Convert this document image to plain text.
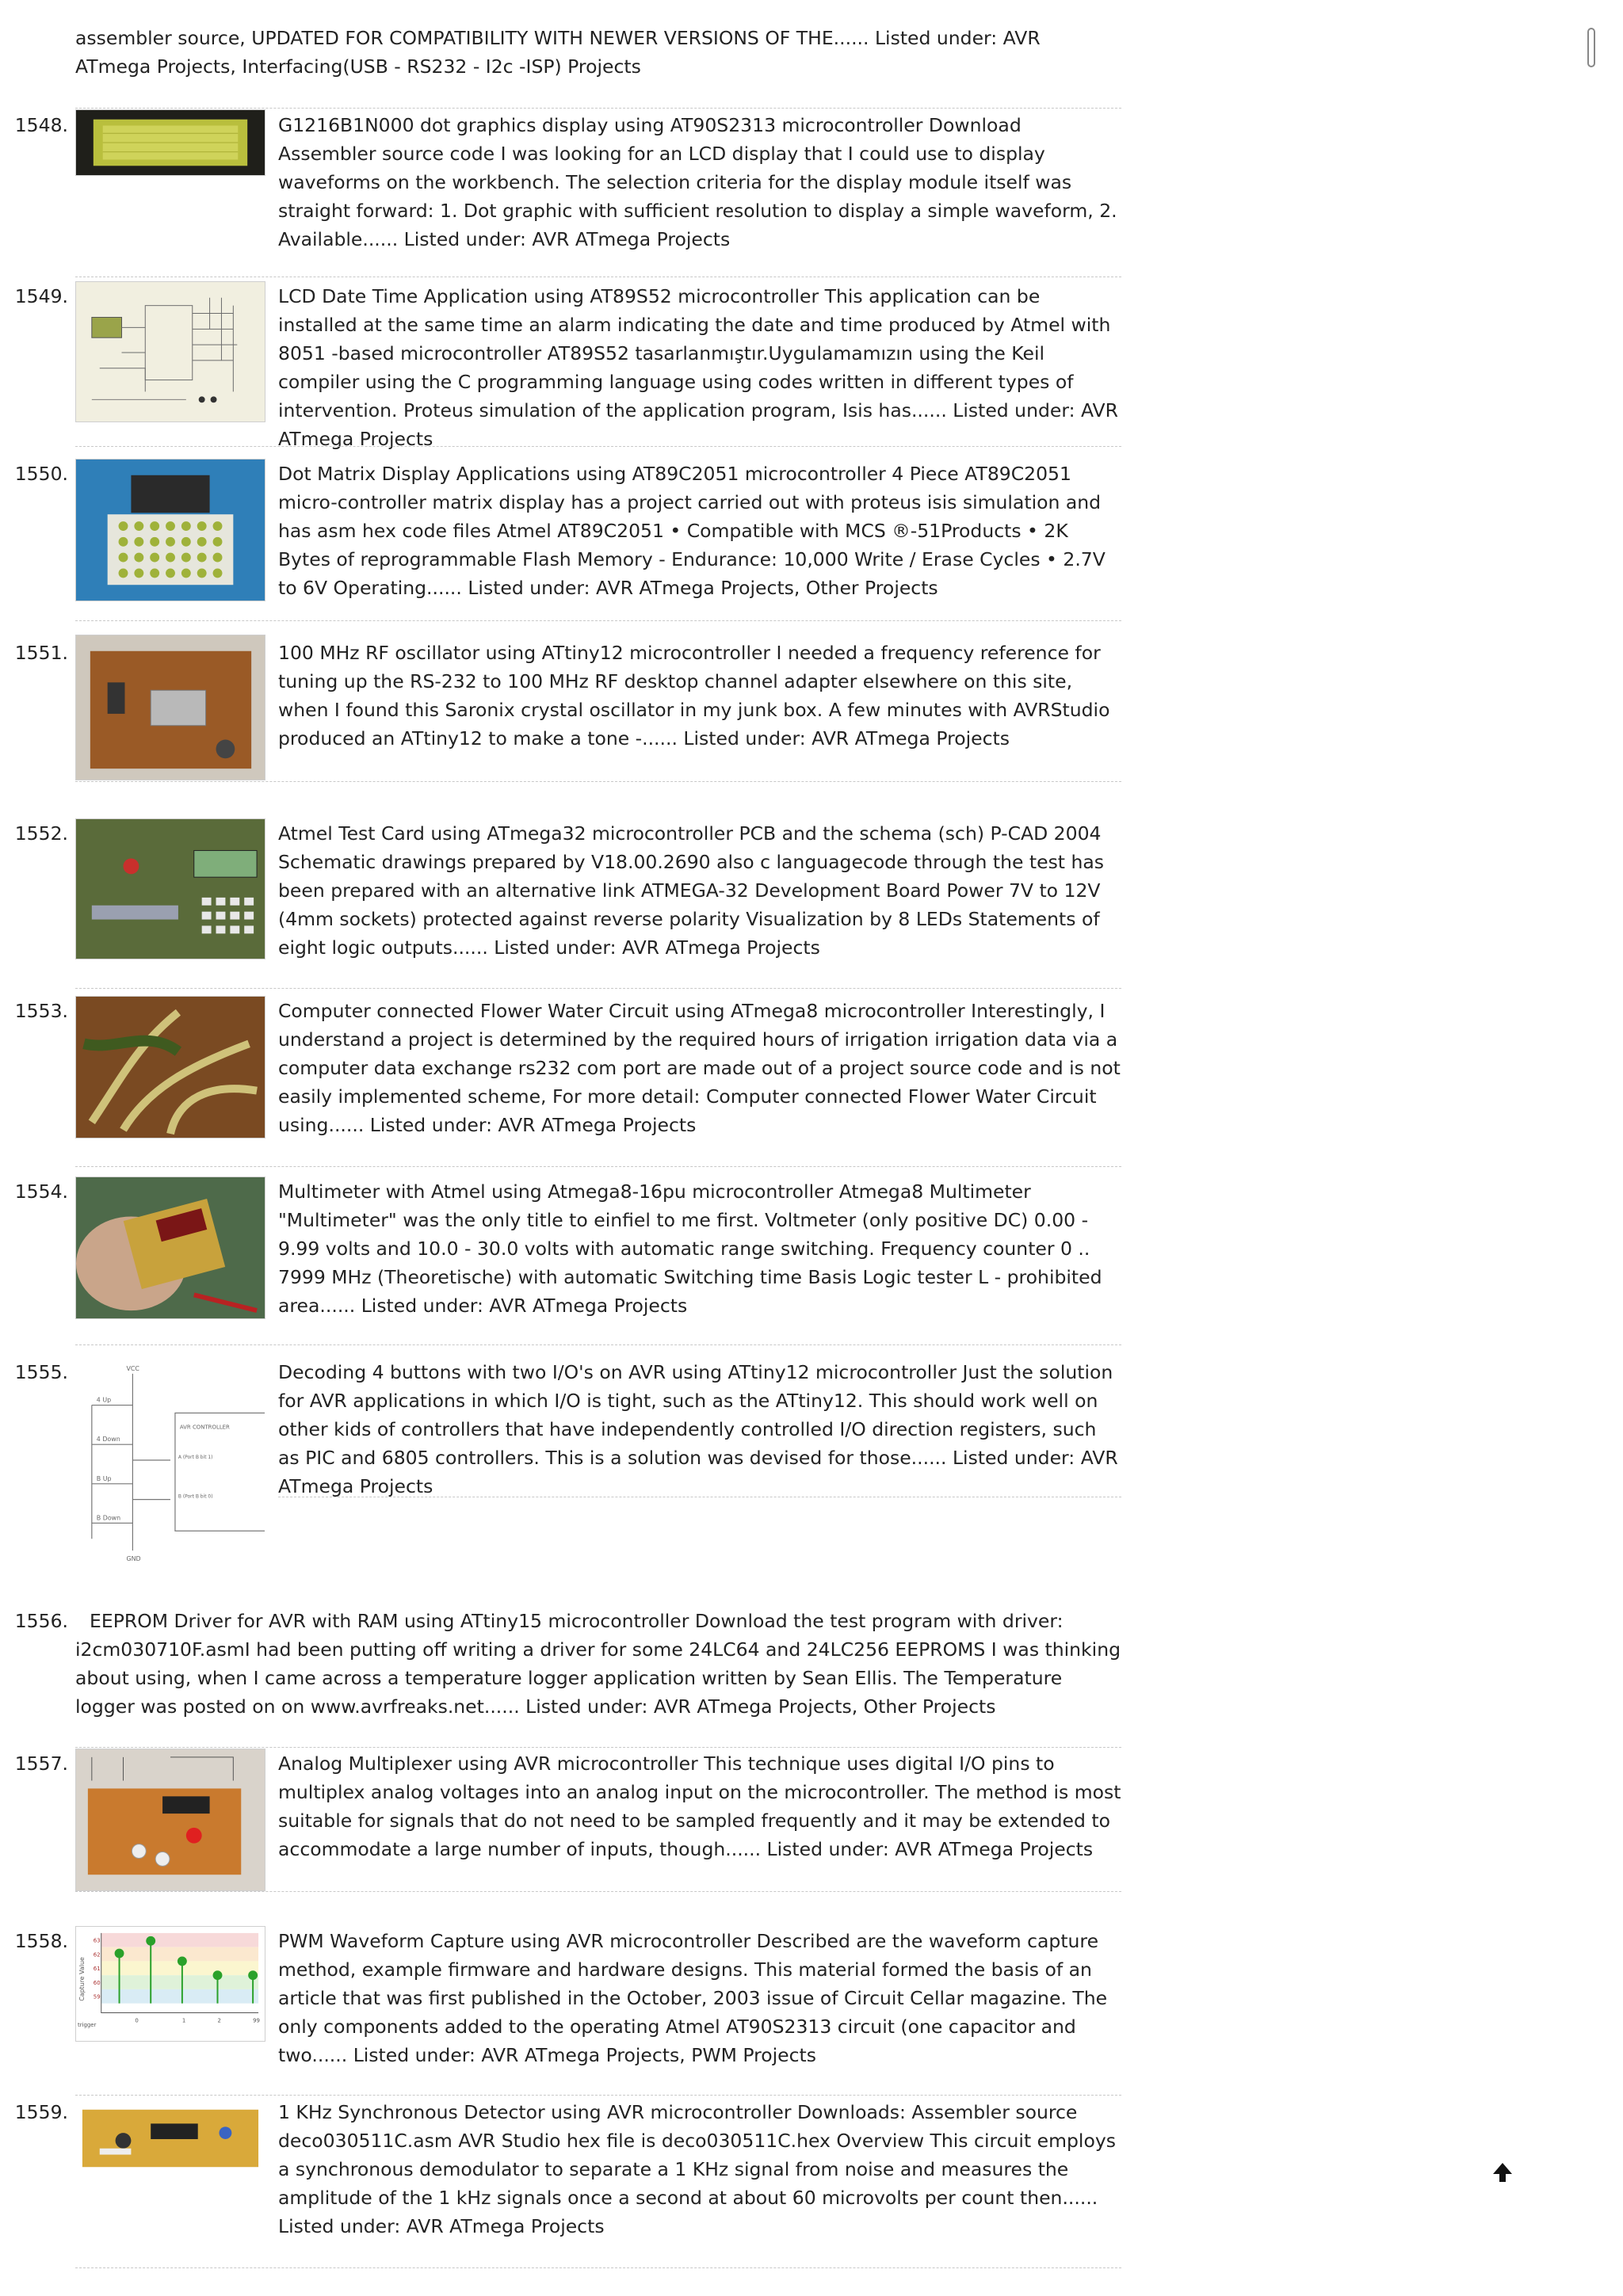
assembler source, UPDATED FOR COMPATIBILITY WITH NEWER VERSIONS OF THE...... Listed under: AVR ATmega Projects, Interfacing(USB - RS232 - I2c -ISP) Projects
1548.	G1216B1N000 dot graphics display using AT90S2313 microcontroller Download Assembler source code I was looking for an LCD display that I could use to display waveforms on the workbench. The selection criteria for the display module itself was straight forward: 1. Dot graphic with sufficient resolution to display a simple waveform, 2. Available...... Listed under: AVR ATmega Projects
1549.	LCD Date Time Application using AT89S52 microcontroller This application can be installed at the same time an alarm indicating the date and time produced by Atmel with 8051 -based microcontroller AT89S52 tasarlanmıştır.Uygulamamızın using the Keil compiler using the C programming language using codes written in different types of intervention. Proteus simulation of the application program, Isis has...... Listed under: AVR ATmega Projects
1550.	Dot Matrix Display Applications using AT89C2051 microcontroller 4 Piece AT89C2051 micro-controller matrix display has a project carried out with proteus isis simulation and has asm hex code files Atmel AT89C2051 • Compatible with MCS ®-51Products • 2K Bytes of reprogrammable Flash Memory - Endurance: 10,000 Write / Erase Cycles • 2.7V to 6V Operating...... Listed under: AVR ATmega Projects, Other Projects
1551.	100 MHz RF oscillator using ATtiny12 microcontroller I needed a frequency reference for tuning up the RS-232 to 100 MHz RF desktop channel adapter elsewhere on this site, when I found this Saronix crystal oscillator in my junk box. A few minutes with AVRStudio produced an ATtiny12 to make a tone -...... Listed under: AVR ATmega Projects
1552.	Atmel Test Card using ATmega32 microcontroller PCB and the schema (sch) P-CAD 2004 Schematic drawings prepared by V18.00.2690 also c languagecode through the test has been prepared with an alternative link ATMEGA-32 Development Board Power 7V to 12V (4mm sockets) protected against reverse polarity Visualization by 8 LEDs Statements of eight logic outputs...... Listed under: AVR ATmega Projects
1553.	Computer connected Flower Water Circuit using ATmega8 microcontroller Interestingly, I understand a project is determined by the required hours of irrigation irrigation data via a computer data exchange rs232 com port are made out of a project source code and is not easily implemented scheme, For more detail: Computer connected Flower Water Circuit using...... Listed under: AVR ATmega Projects
1554.	Multimeter with Atmel using Atmega8-16pu microcontroller Atmega8 Multimeter "Multimeter" was the only title to einfiel to me first. Voltmeter (only positive DC) 0.00 - 9.99 volts and 10.0 - 30.0 volts with automatic range switching. Frequency counter 0 .. 7999 MHz (Theoretische) with automatic Switching time Basis Logic tester L - prohibited area...... Listed under: AVR ATmega Projects
1555.	VCC
4 Up
4 Down
B Up
B Down
AVR CONTROLLER
A (Port B bit 1)
B (Port B bit 0)
GND
Decoding 4 buttons with two I/O's on AVR using ATtiny12 microcontroller Just the solution for AVR applications in which I/O is tight, such as the ATtiny12. This should work well on other kids of controllers that have independently controlled I/O direction registers, such as PIC and 6805 controllers. This is a solution was devised for those...... Listed under: AVR ATmega Projects
1556.	EEPROM Driver for AVR with RAM using ATtiny15 microcontroller Download the test program with driver: i2cm030710F.asmI had been putting off writing a driver for some 24LC64 and 24LC256 EEPROMS I was thinking about using, when I came across a temperature logger application written by Sean Ellis. The Temperature logger was posted on on www.avrfreaks.net...... Listed under: AVR ATmega Projects, Other Projects
1557.	Analog Multiplexer using AVR microcontroller This technique uses digital I/O pins to multiplex analog voltages into an analog input on the microcontroller. The method is most suitable for signals that do not need to be sampled frequently and it may be extended to accommodate a large number of inputs, though...... Listed under: AVR ATmega Projects
1558.
Capture Value
trigger
63
62
61
60
59
0	1	2	99
PWM Waveform Capture using AVR microcontroller Described are the waveform capture method, example firmware and hardware designs. This material formed the basis of an article that was first published in the October, 2003 issue of Circuit Cellar magazine. The only components added to the operating Atmel AT90S2313 circuit (one capacitor and two...... Listed under: AVR ATmega Projects, PWM Projects
1559.	1 KHz Synchronous Detector using AVR microcontroller Downloads: Assembler source deco030511C.asm AVR Studio hex file is deco030511C.hex Overview This circuit employs a synchronous demodulator to separate a 1 KHz signal from noise and measures the amplitude of the 1 kHz signals once a second at about 60 microvolts per count then...... Listed under: AVR ATmega Projects
